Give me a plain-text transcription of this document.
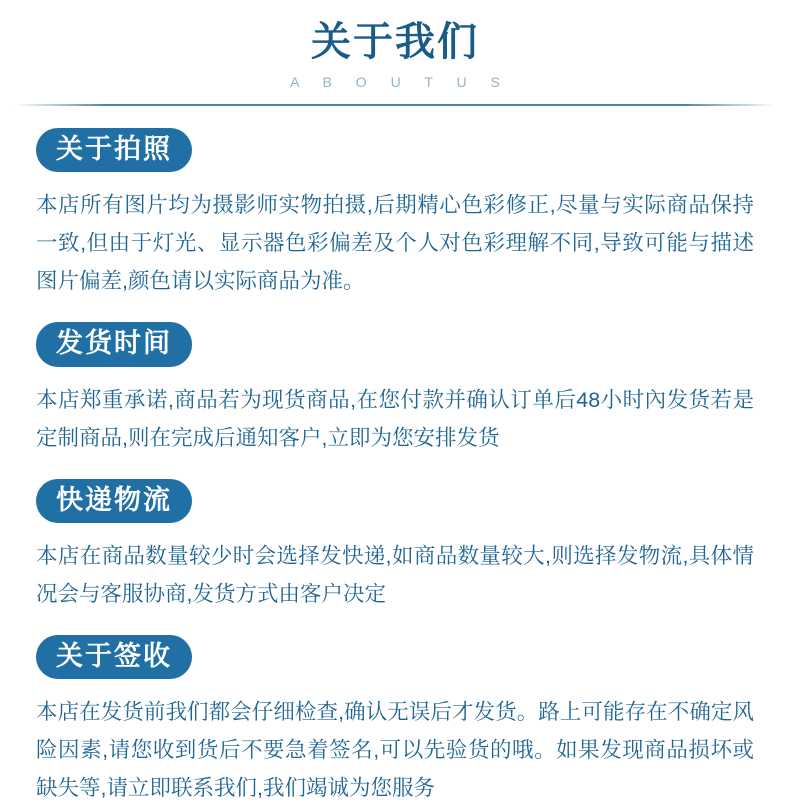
关于我们
A B O U T U S
关于拍照
本店所有图片均为摄影师实物拍摄,后期精心色彩修正,尽量与实际商品保持一致,但由于灯光、显示器色彩偏差及个人对色彩理解不同,导致可能与描述图片偏差,颜色请以实际商品为准。
发货时间
本店郑重承诺,商品若为现货商品,在您付款并确认订单后48小时內发货若是定制商品,则在完成后通知客户,立即为您安排发货
快递物流
本店在商品数量较少时会选择发快递,如商品数量较大,则选择发物流,具体情况会与客服协商,发货方式由客户决定
关于签收
本店在发货前我们都会仔细检查,确认无误后才发货。路上可能存在不确定风险因素,请您收到货后不要急着签名,可以先验货的哦。如果发现商品损坏或缺失等,请立即联系我们,我们竭诚为您服务
